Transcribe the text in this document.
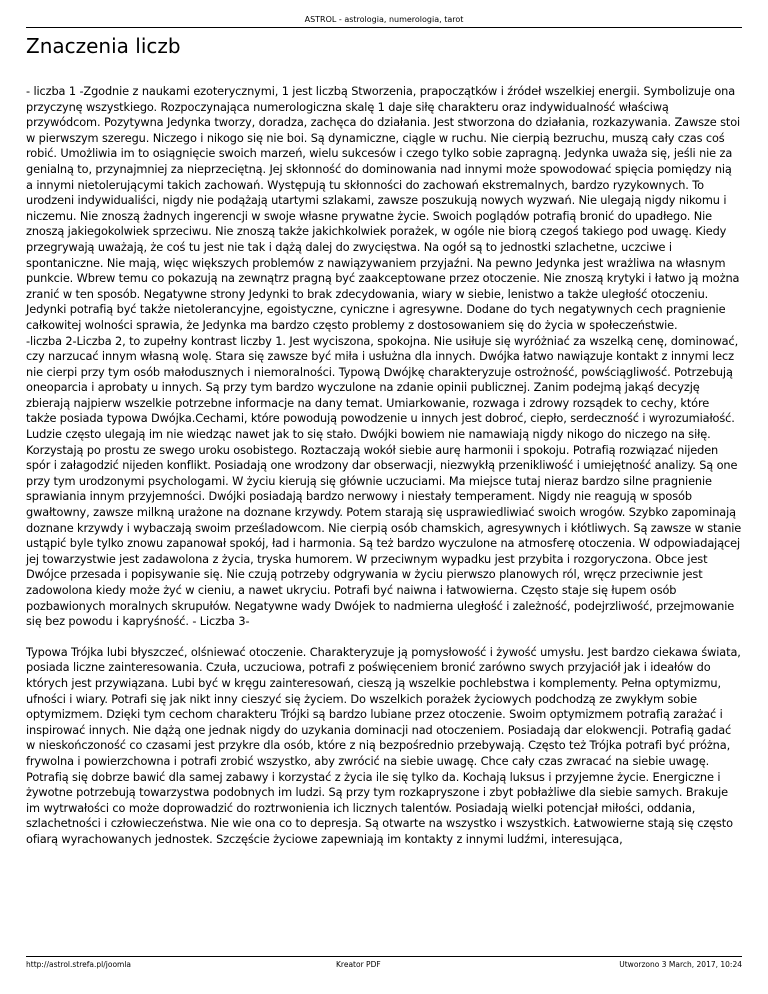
ASTROL - astrologia, numerologia, tarot
Znaczenia liczb

- liczba 1 -Zgodnie z naukami ezoterycznymi, 1 jest liczbą Stworzenia, prapoczątków i źródeł wszelkiej energii. Symbolizuje ona przyczynę wszystkiego. Rozpoczynająca numerologiczna skalę 1 daje siłę charakteru oraz indywidualność właściwą przywódcom. Pozytywna Jedynka tworzy, doradza, zachęca do działania. Jest stworzona do działania, rozkazywania. Zawsze stoi w pierwszym szeregu. Niczego i nikogo się nie boi. Są dynamiczne, ciągle w ruchu. Nie cierpią bezruchu, muszą cały czas coś robić. Umożliwia im to osiągnięcie swoich marzeń, wielu sukcesów i czego tylko sobie zapragną. Jedynka uważa się, jeśli nie za genialną to, przynajmniej za nieprzeciętną. Jej skłonność do dominowania nad innymi może spowodować spięcia pomiędzy nią a innymi nietolerującymi takich zachowań. Występują tu skłonności do zachowań ekstremalnych, bardzo ryzykownych. To urodzeni indywidualiści, nigdy nie podążają utartymi szlakami, zawsze poszukują nowych wyzwań. Nie ulegają nigdy nikomu i niczemu. Nie znoszą żadnych ingerencji w swoje własne prywatne życie. Swoich poglądów potrafią bronić do upadłego. Nie znoszą jakiegokolwiek sprzeciwu. Nie znoszą także jakichkolwiek porażek, w ogóle nie biorą czegoś takiego pod uwagę. Kiedy przegrywają uważają, że coś tu jest nie tak i dążą dalej do zwycięstwa. Na ogół są to jednostki szlachetne, uczciwe i spontaniczne. Nie mają, więc większych problemów z nawiązywaniem przyjaźni. Na pewno Jedynka jest wrażliwa na własnym punkcie. Wbrew temu co pokazują na zewnątrz pragną być zaakceptowane przez otoczenie. Nie znoszą krytyki i łatwo ją można zranić w ten sposób. Negatywne strony Jedynki to brak zdecydowania, wiary w siebie, lenistwo a także uległość otoczeniu. Jedynki potrafią być także nietolerancyjne, egoistyczne, cyniczne i agresywne. Dodane do tych negatywnych cech pragnienie całkowitej wolności sprawia, że Jedynka ma bardzo często problemy z dostosowaniem się do życia w społeczeństwie.

-liczba 2-Liczba 2, to zupełny kontrast liczby 1. Jest wyciszona, spokojna. Nie usiłuje się wyróżniać za wszelką cenę, dominować, czy narzucać innym własną wolę. Stara się zawsze być miła i usłużna dla innych. Dwójka łatwo nawiązuje kontakt z innymi lecz nie cierpi przy tym osób małodusznych i niemoralności. Typową Dwójkę charakteryzuje ostrożność, powściągliwość. Potrzebują oneoparcia i aprobaty u innych. Są przy tym bardzo wyczulone na zdanie opinii publicznej. Zanim podejmą jakąś decyzję zbierają najpierw wszelkie potrzebne informacje na dany temat. Umiarkowanie, rozwaga i zdrowy rozsądek to cechy, które także posiada typowa Dwójka.Cechami, które powodują powodzenie u innych jest dobroć, ciepło, serdeczność i wyrozumiałość. Ludzie często ulegają im nie wiedząc nawet jak to się stało. Dwójki bowiem nie namawiają nigdy nikogo do niczego na siłę. Korzystają po prostu ze swego uroku osobistego. Roztaczają wokół siebie aurę harmonii i spokoju. Potrafią rozwiązać nijeden spór i załagodzić nijeden konflikt. Posiadają one wrodzony dar obserwacji, niezwykłą przenikliwość i umiejętność analizy. Są one przy tym urodzonymi psychologami. W życiu kierują się głównie uczuciami. Ma miejsce tutaj nieraz bardzo silne pragnienie sprawiania innym przyjemności. Dwójki posiadają bardzo nerwowy i niestały temperament. Nigdy nie reagują w sposób gwałtowny, zawsze milkną urażone na doznane krzywdy. Potem starają się usprawiedliwiać swoich wrogów. Szybko zapominają doznane krzywdy i wybaczają swoim prześladowcom. Nie cierpią osób chamskich, agresywnych i kłótliwych. Są zawsze w stanie ustąpić byle tylko znowu zapanował spokój, ład i harmonia. Są też bardzo wyczulone na atmosferę otoczenia. W odpowiadającej jej towarzystwie jest zadawolona z życia, tryska humorem. W przeciwnym wypadku jest przybita i rozgoryczona. Obce jest Dwójce przesada i popisywanie się. Nie czują potrzeby odgrywania w życiu pierwszo planowych ról, wręcz przeciwnie jest zadowolona kiedy może żyć w cieniu, a nawet ukryciu. Potrafi być naiwna i łatwowierna. Często staje się łupem osób pozbawionych moralnych skrupułów. Negatywne wady Dwójek to nadmierna uległość i zależność, podejrzliwość, przejmowanie się bez powodu i kapryśność. - Liczba 3-

Typowa Trójka lubi błyszczeć, olśniewać otoczenie. Charakteryzuje ją pomysłowość i żywość umysłu. Jest bardzo ciekawa świata, posiada liczne zainteresowania. Czuła, uczuciowa, potrafi z poświęceniem bronić zarówno swych przyjaciół jak i ideałów do których jest przywiązana. Lubi być w kręgu zainteresowań, cieszą ją wszelkie pochlebstwa i komplementy. Pełna optymizmu, ufności i wiary. Potrafi się jak nikt inny cieszyć się życiem. Do wszelkich porażek życiowych podchodzą ze zwykłym sobie optymizmem. Dzięki tym cechom charakteru Trójki są bardzo lubiane przez otoczenie. Swoim optymizmem potrafią zarażać i inspirować innych. Nie dążą one jednak nigdy do uzykania dominacji nad otoczeniem. Posiadają dar elokwencji. Potrafią gadać w nieskończoność co czasami jest przykre dla osób, które z nią bezpośrednio przebywają. Często też Trójka potrafi być próżna, frywolna i powierzchowna i potrafi zrobić wszystko, aby zwrócić na siebie uwagę. Chce cały czas zwracać na siebie uwagę. Potrafią się dobrze bawić dla samej zabawy i korzystać z życia ile się tylko da. Kochają luksus i przyjemne życie. Energiczne i żywotne potrzebują towarzystwa podobnych im ludzi. Są przy tym rozkapryszone i zbyt pobłażliwe dla siebie samych. Brakuje im wytrwałości co może doprowadzić do roztrwonienia ich licznych talentów. Posiadają wielki potencjał miłości, oddania, szlachetności i człowieczeństwa. Nie wie ona co to depresja. Są otwarte na wszystko i wszystkich. Łatwowierne stają się często ofiarą wyrachowanych jednostek. Szczęście życiowe zapewniają im kontakty z innymi ludźmi, interesująca,

http://astrol.strefa.pl/joomla	Kreator PDF	Utworzono 3 March, 2017, 10:24
